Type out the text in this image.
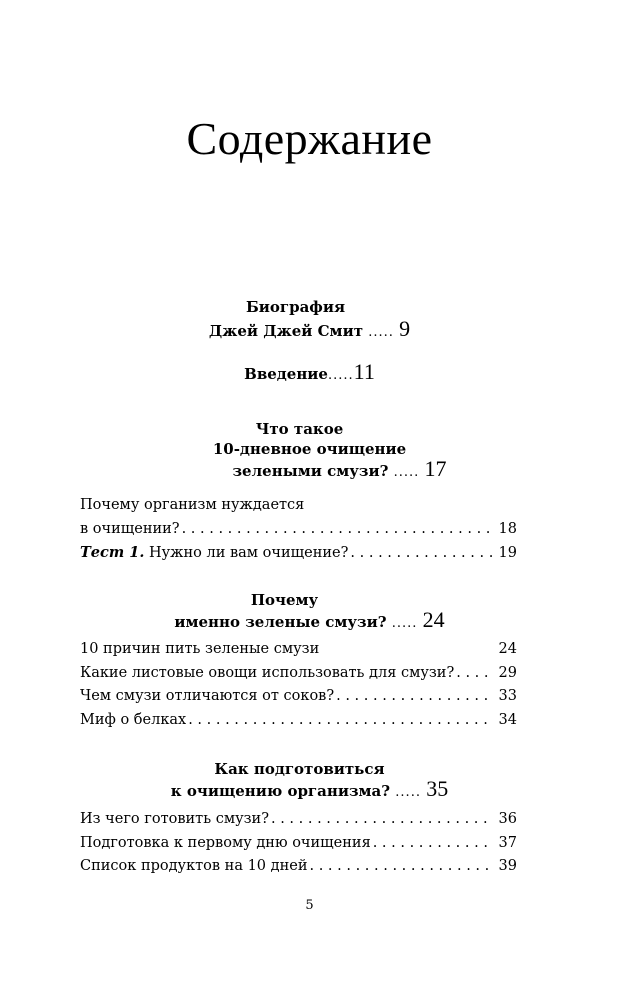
Содержание
Биография
Джей Джей Смит ..... 9
Введение.....11
Что такое
10-дневное очищение
зелеными смузи? ..... 17
Почему организм нуждается
в очищении? . . .	18
Тест 1. Нужно ли вам очищение? . . .	19
Почему
именно зеленые смузи? ..... 24
10 причин пить зеленые смузи	24
Какие листовые овощи использовать для смузи? . . .	29
Чем смузи отличаются от соков? . . .	33
Миф о белках . . .	34
Как подготовиться
к очищению организма? ..... 35
Из чего готовить смузи? . . .	36
Подготовка к первому дню очищения . . .	37
Список продуктов на 10 дней . . .	39
5
